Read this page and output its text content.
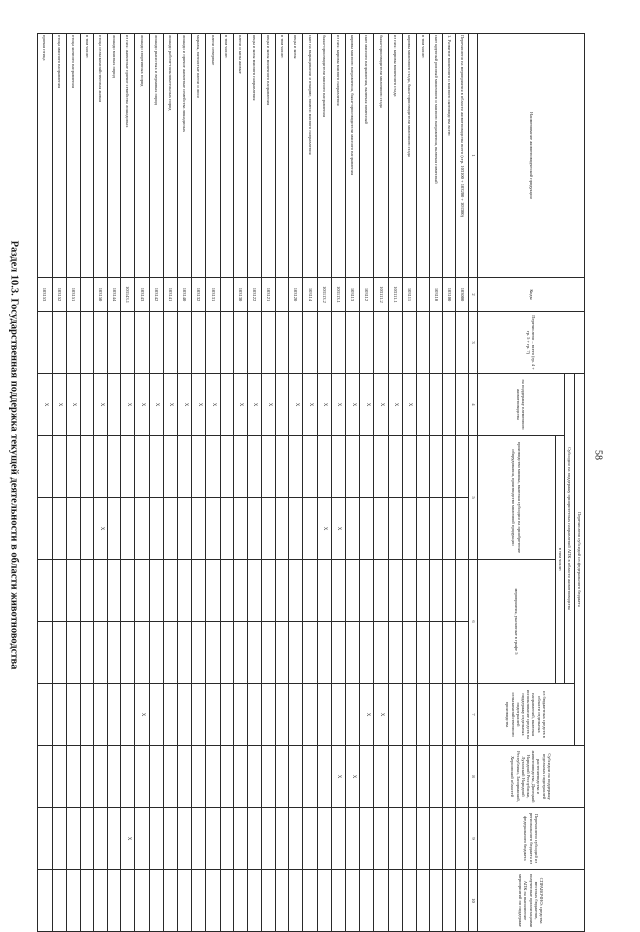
58
Раздел 10.3. Государственная поддержка текущей деятельности в области животноводства
Наименование животноводческой продукции	Коды	Перечислено – всего (гр. 4 + гр. 5 + гр. 7)	Перечислено субсидий из федерального бюджета						Субсидии на поддержку отдельных подотраслей растениеводства и животноводства, Донецкой Народной Республики, Луганской Народной Республики, Запорожской, Херсонской областей	Перечислено субсидий из регионального бюджета из федерального бюджета	СПРАВОЧНО: средства местных бюджетов, полученные организациями АПК на выполнение мероприятий по поддержке
			Субсидии на поддержку приоритетных направлений АПК в области животноводства					из бюджетных средств в области отдельных направлений, включая использование средств на поддержку отдельных подотраслей сельскохозяйственного производства			
			на поддержку племенного животноводства	в том числе:							
				производство молока, включая субсидии на приобретение оборудования, производство молочной продукции		мероприятия, указанные в графе 5					
1	2	3	4	5		6		7	8	9	10
Перечислено на мероприятия в области животноводства всего (стр. 103100 + 103200 + 103300)	103000										
1. Развитие молочного и мясного скотоводства всего	103100										
скот крупный рогатый молочного и мясного направления, включая помесный	103110										
в том числе:											
коровы молочного стада, быки-производители молочного стада	103111		Х								
из них: коровы молочного стада	103111.1		Х								
быки-производители молочного стада	103111.2		Х					Х			
скот мясного направления, включая помесный	103112		Х					Х			
коровы мясного направления, быки-производители мясного направления	103113		Х						Х		
из них: коровы мясного направления	103113.1		Х		Х				Х		
быки-производители мясного направления	103113.2		Х		Х						
скот на выращивании и откорме, помеси мясного направления	103114		Х								
овцы и козы	103120		Х								
в том числе:											
овцы и козы молочного направления	103121		Х								
овцы и козы мясного направления	103122		Х								
олени и козы живые	103130		Х								
в том числе:											
олени северные	103131		Х								
маралы, пятнистые олени и лоси	103132		Х								
лошади и прочие животные семейства лошадиных	103140		Х								
лошади рабоче-пользовательных пород	103141		Х								
лошади рысистых и верховых пород	103142		Х								
лошади спортивных пород	103143		Х					Х			
из них: животные прочие семейства лошадиных	103143.1		Х							Х	
лошади мясных пород	103144										
птица сельскохозяйственная живая	103150		Х		Х						
в том числе:											
птица яичного направления	103151		Х								
птица мясного направления	103152		Х								
прочая птица	103153		Х								
